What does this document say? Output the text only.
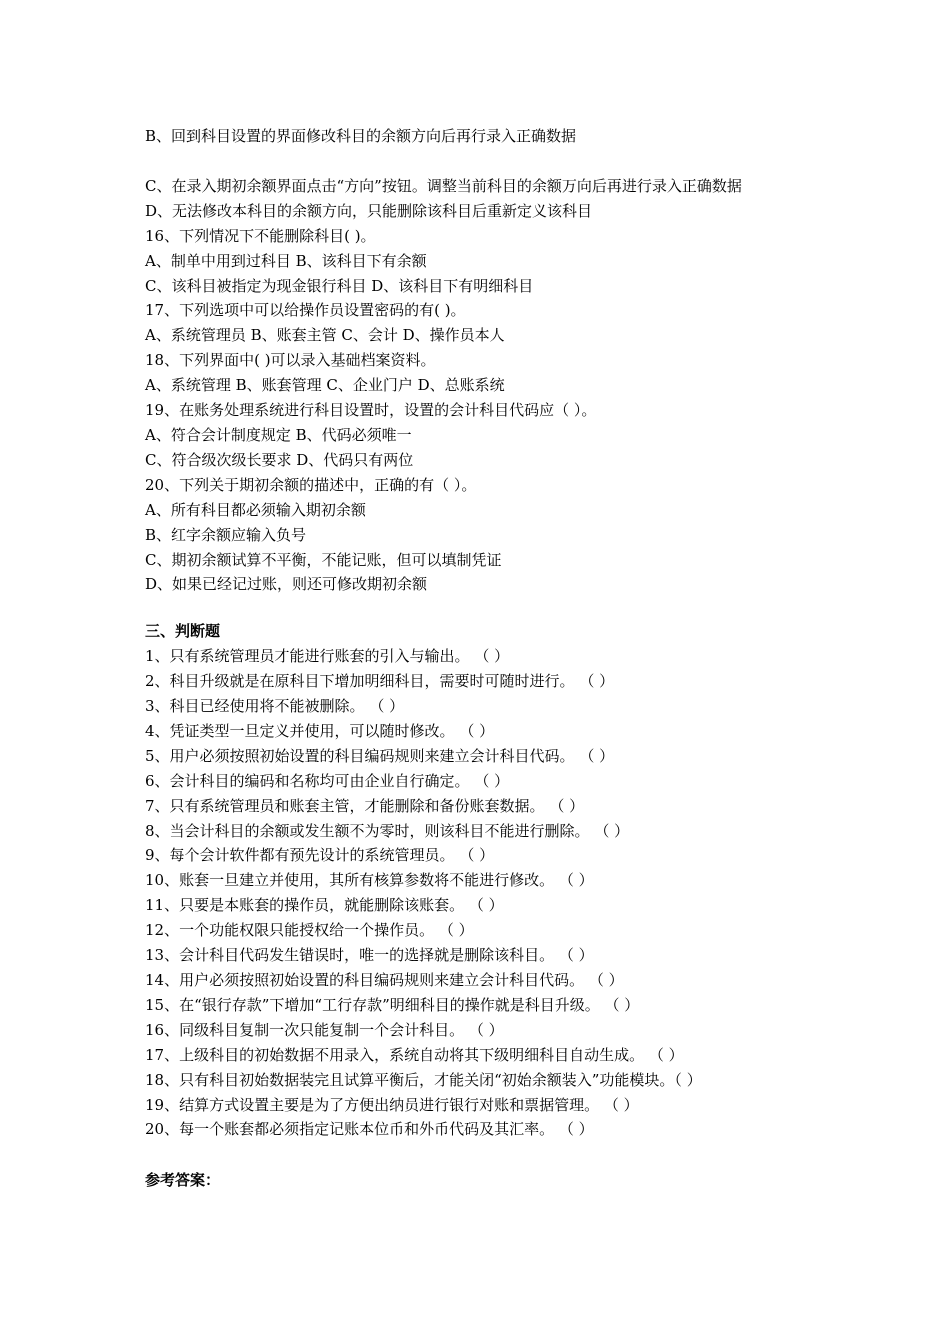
B、回到科目设置的界面修改科目的余额方向后再行录入正确数据
C、在录入期初余额界面点击“方向”按钮。调整当前科目的余额万向后再进行录入正确数据
D、无法修改本科目的余额方向，只能删除该科目后重新定义该科目
16、下列情况下不能删除科目( )。
A、制单中用到过科目 B、该科目下有余额
C、该科目被指定为现金银行科目 D、该科目下有明细科目
17、下列选项中可以给操作员设置密码的有( )。
A、系统管理员 B、账套主管 C、会计 D、操作员本人
18、下列界面中( )可以录入基础档案资料。
A、系统管理 B、账套管理 C、企业门户 D、总账系统
19、在账务处理系统进行科目设置时，设置的会计科目代码应（ ）。
A、符合会计制度规定 B、代码必须唯一
C、符合级次级长要求 D、代码只有两位
20、下列关于期初余额的描述中，正确的有（ ）。
A、所有科目都必须输入期初余额
B、红字余额应输入负号
C、期初余额试算不平衡，不能记账，但可以填制凭证
D、如果已经记过账，则还可修改期初余额
三、判断题
1、只有系统管理员才能进行账套的引入与输出。 （ ）
2、科目升级就是在原科目下增加明细科目，需要时可随时进行。 （ ）
3、科目已经使用将不能被删除。 （ ）
4、凭证类型一旦定义并使用，可以随时修改。 （ ）
5、用户必须按照初始设置的科目编码规则来建立会计科目代码。 （ ）
6、会计科目的编码和名称均可由企业自行确定。 （ ）
7、只有系统管理员和账套主管，才能删除和备份账套数据。 （ ）
8、当会计科目的余额或发生额不为零时，则该科目不能进行删除。 （ ）
9、每个会计软件都有预先设计的系统管理员。 （ ）
10、账套一旦建立并使用，其所有核算参数将不能进行修改。 （ ）
11、只要是本账套的操作员，就能删除该账套。 （ ）
12、一个功能权限只能授权给一个操作员。 （ ）
13、会计科目代码发生错误时，唯一的选择就是删除该科目。 （ ）
14、用户必须按照初始设置的科目编码规则来建立会计科目代码。 （ ）
15、在“银行存款”下增加“工行存款”明细科目的操作就是科目升级。 （ ）
16、同级科目复制一次只能复制一个会计科目。 （ ）
17、上级科目的初始数据不用录入，系统自动将其下级明细科目自动生成。 （ ）
18、只有科目初始数据装完且试算平衡后，才能关闭“初始余额装入”功能模块。（ ）
19、结算方式设置主要是为了方便出纳员进行银行对账和票据管理。 （ ）
20、每一个账套都必须指定记账本位币和外币代码及其汇率。 （ ）
参考答案：
